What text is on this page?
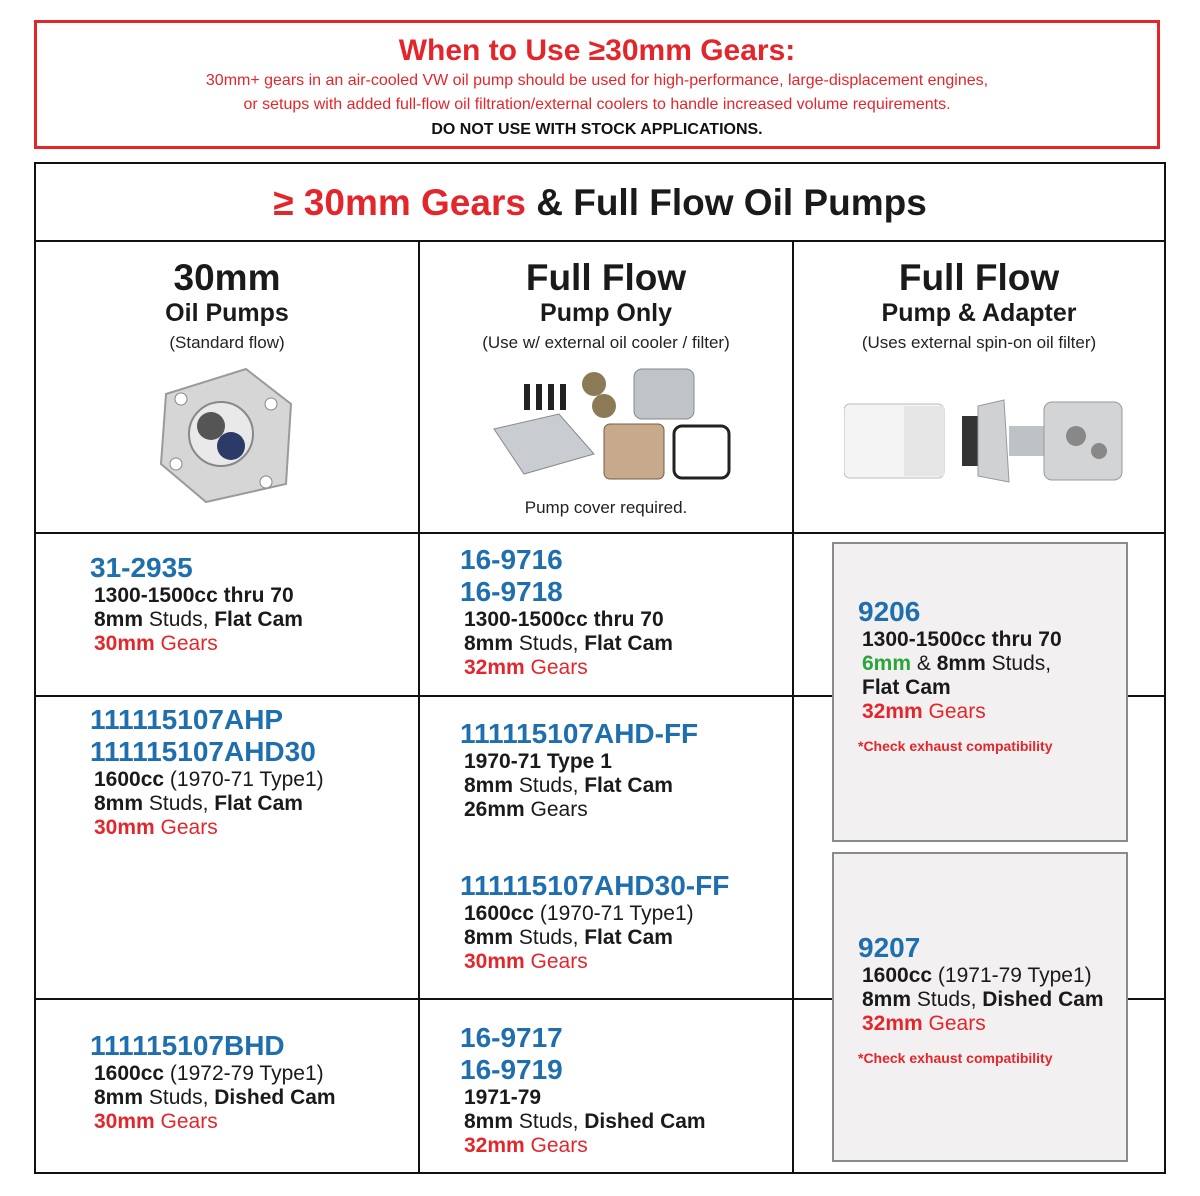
When to Use ≥30mm Gears:
30mm+ gears in an air-cooled VW oil pump should be used for high-performance, large-displacement engines,
or setups with added full-flow oil filtration/external coolers to handle increased volume requirements.
DO NOT USE WITH STOCK APPLICATIONS.
≥ 30mm Gears & Full Flow Oil Pumps
30mm
Oil Pumps
(Standard flow)
Full Flow
Pump Only
(Use w/ external oil cooler / filter)
Full Flow
Pump & Adapter
(Uses external spin-on oil filter)
Pump cover required.
31-2935
1300-1500cc thru 70
8mm Studs, Flat Cam
30mm Gears
16-9716
16-9718
1300-1500cc thru 70
8mm Studs, Flat Cam
32mm Gears
111115107AHP
111115107AHD30
1600cc (1970-71 Type1)
8mm Studs, Flat Cam
30mm Gears
111115107AHD-FF
1970-71 Type 1
8mm Studs, Flat Cam
26mm Gears
111115107AHD30-FF
1600cc (1970-71 Type1)
8mm Studs, Flat Cam
30mm Gears
111115107BHD
1600cc (1972-79 Type1)
8mm Studs, Dished Cam
30mm Gears
16-9717
16-9719
1971-79
8mm Studs, Dished Cam
32mm Gears
9206
1300-1500cc thru 70
6mm & 8mm Studs,
Flat Cam
32mm Gears
*Check exhaust compatibility
9207
1600cc (1971-79 Type1)
8mm Studs, Dished Cam
32mm Gears
*Check exhaust compatibility
